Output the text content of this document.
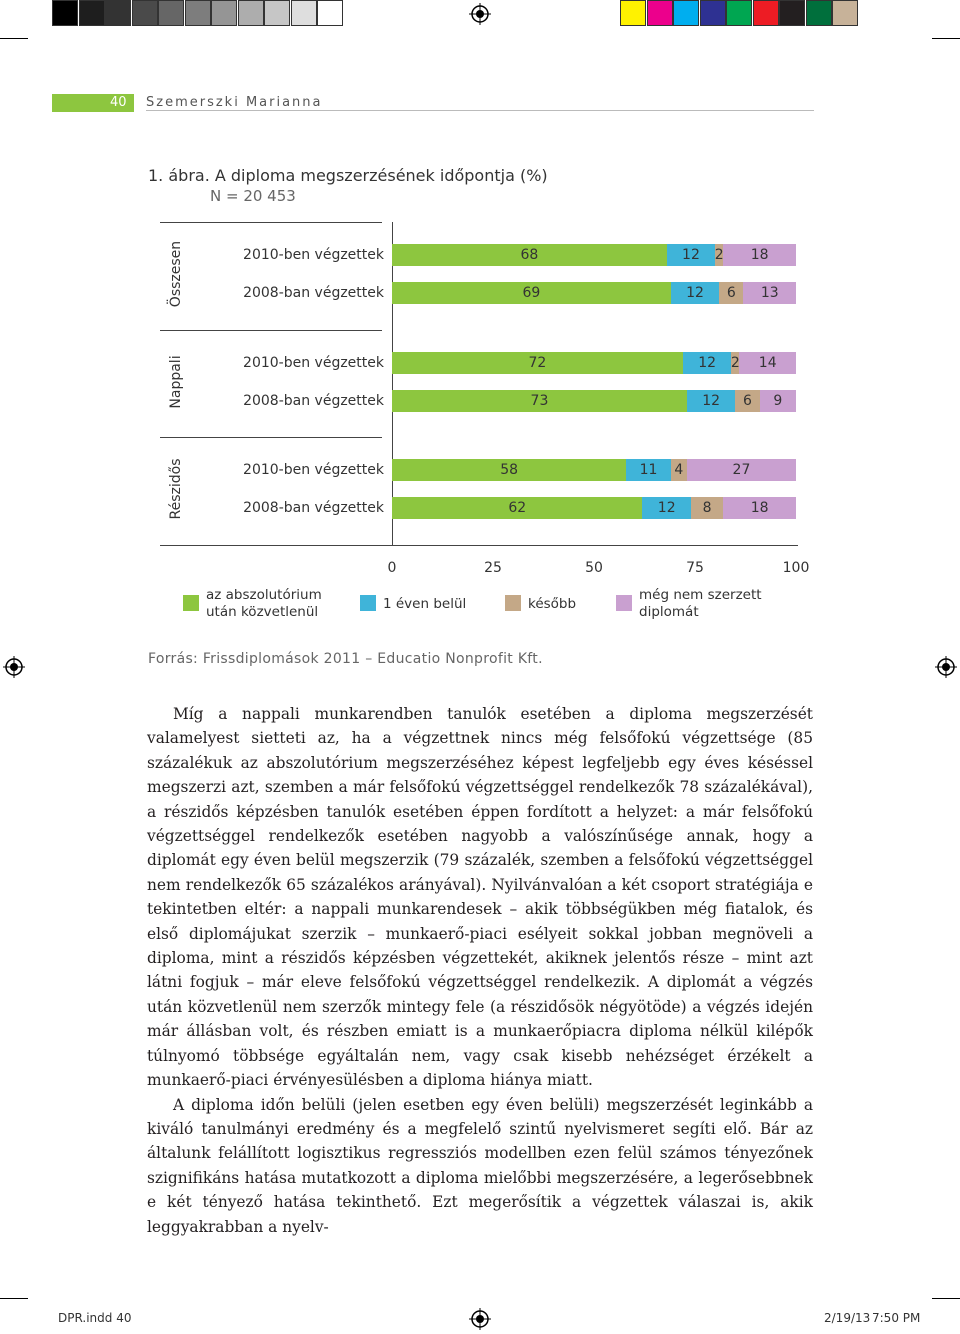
40 Szemerszki Marianna
1. ábra. A diploma megszerzésének időpontja (%)
N = 20 453
Összesen	2010-ben végzettek	68	12	2	18
2008-ban végzettek	69	12	6	13
Nappali	2010-ben végzettek	72	12	2	14
2008-ban végzettek	73	12	6	9
Részidős	2010-ben végzettek	58	11	4	27
2008-ban végzettek	62	12	8	18
0	25	50	75	100
az abszolutórium
után közvetlenül	1 éven belül	később
még nem szerzett
diplomát
Forrás: Frissdiplomások 2011 – Educatio Nonprofit Kft.

Míg a nappali munkarendben tanulók esetében a diploma megszerzését valamelyest sietteti az, ha a végzettnek nincs még felsőfokú végzettsége (85 százalékuk az abszolutórium megszerzéséhez képest legfeljebb egy éves késéssel megszerzi azt, szemben a már felsőfokú végzettséggel rendelkezők 78 százalékával), a részidős képzésben tanulók esetében éppen fordított a helyzet: a már felsőfokú végzettséggel rendelkezők esetében nagyobb a valószínűsége annak, hogy a diplomát egy éven belül megszerzik (79 százalék, szemben a felsőfokú végzettséggel nem rendelkezők 65 százalékos arányával). Nyilvánvalóan a két csoport stratégiája e tekintetben eltér: a nappali munkarendesek – akik többségükben még fiatalok, és első diplomájukat szerzik – munkaerő-piaci esélyeit sokkal jobban megnöveli a diploma, mint a részidős képzésben végzettekét, akiknek jelentős része – mint azt látni fogjuk – már eleve felsőfokú végzettséggel rendelkezik. A diplomát a végzés után közvetlenül nem szerzők mintegy fele (a részidősök négyötöde) a végzés idején már állásban volt, és részben emiatt is a munkaerőpiacra diploma nélkül kilépők túlnyomó többsége egyáltalán nem, vagy csak kisebb nehézséget érzékelt a munkaerő-piaci érvényesülésben a diploma hiánya miatt.

A diploma időn belüli (jelen esetben egy éven belüli) megszerzését leginkább a kiváló tanulmányi eredmény és a megfelelő szintű nyelvismeret segíti elő. Bár az általunk felállított logisztikus regressziós modellben ezen felül számos tényezőnek szignifikáns hatása mutatkozott a diploma mielőbbi megszerzésére, a legerősebbnek e két tényező hatása tekinthető. Ezt megerősítik a végzettek válaszai is, akik leggyakrabban a nyelv-

DPR.indd 40	2/19/13 7:50 PM
